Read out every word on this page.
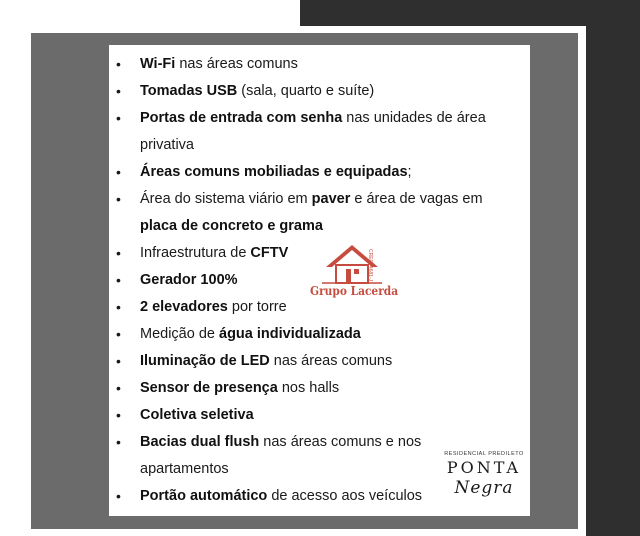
• Wi-Fi nas áreas comuns
• Tomadas USB (sala, quarto e suíte)
• Portas de entrada com senha nas unidades de área privativa
• Áreas comuns mobiliadas e equipadas;
• Área do sistema viário em paver e área de vagas em placa de concreto e grama
• Infraestrutura de CFTV
• Gerador 100%
• 2 elevadores por torre
• Medição de água individualizada
• Iluminação de LED nas áreas comuns
• Sensor de presença nos halls
• Coletiva seletiva
• Bacias dual flush nas áreas comuns e nos apartamentos
• Portão automático de acesso aos veículos
CRECI 4681-J
Grupo Lacerda
RESIDENCIAL PREDILETO
PONTA
Negra
